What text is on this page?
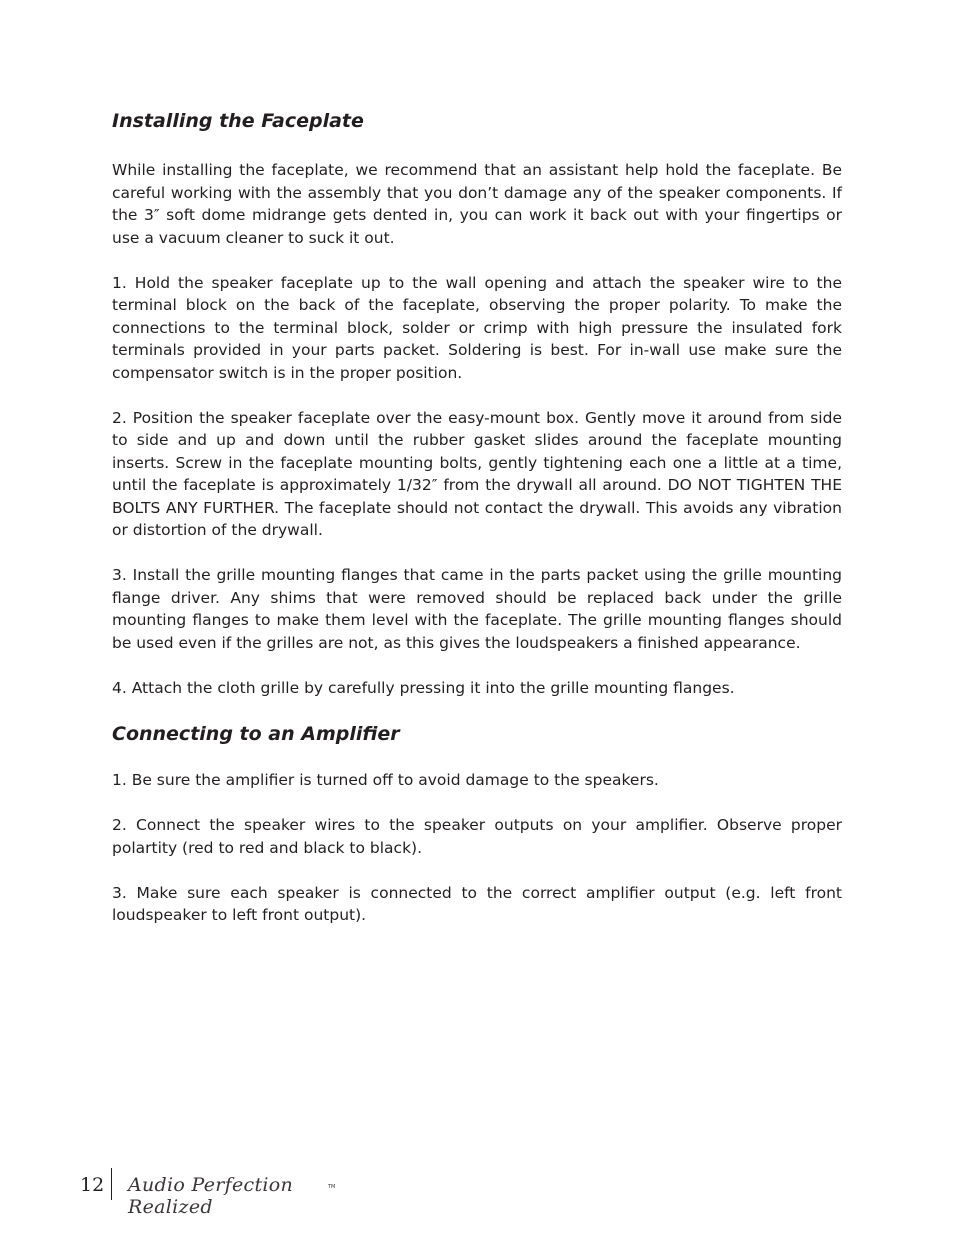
Installing the Faceplate

While installing the faceplate, we recommend that an assistant help hold the faceplate. Be careful working with the assembly that you don’t damage any of the speaker components. If the 3″ soft dome midrange gets dented in, you can work it back out with your fingertips or use a vacuum cleaner to suck it out.

1. Hold the speaker faceplate up to the wall opening and attach the speaker wire to the terminal block on the back of the faceplate, observing the proper polarity. To make the connections to the terminal block, solder or crimp with high pressure the insulated fork terminals provided in your parts packet. Soldering is best. For in-wall use make sure the compensator switch is in the proper position.

2. Position the speaker faceplate over the easy-mount box. Gently move it around from side to side and up and down until the rubber gasket slides around the faceplate mounting inserts. Screw in the faceplate mounting bolts, gently tightening each one a little at a time, until the faceplate is approximately 1/32″ from the drywall all around. DO NOT TIGHTEN THE BOLTS ANY FURTHER. The faceplate should not contact the drywall. This avoids any vibration or distortion of the drywall.

3. Install the grille mounting flanges that came in the parts packet using the grille mounting flange driver. Any shims that were removed should be replaced back under the grille mounting flanges to make them level with the faceplate. The grille mounting flanges should be used even if the grilles are not, as this gives the loudspeakers a finished appearance.

4. Attach the cloth grille by carefully pressing it into the grille mounting flanges.

Connecting to an Amplifier

1. Be sure the amplifier is turned off to avoid damage to the speakers.

2. Connect the speaker wires to the speaker outputs on your amplifier. Observe proper polartity (red to red and black to black).

3. Make sure each speaker is connected to the correct amplifier output (e.g. left front loudspeaker to left front output).

12 Audio Perfection Realized
TM
